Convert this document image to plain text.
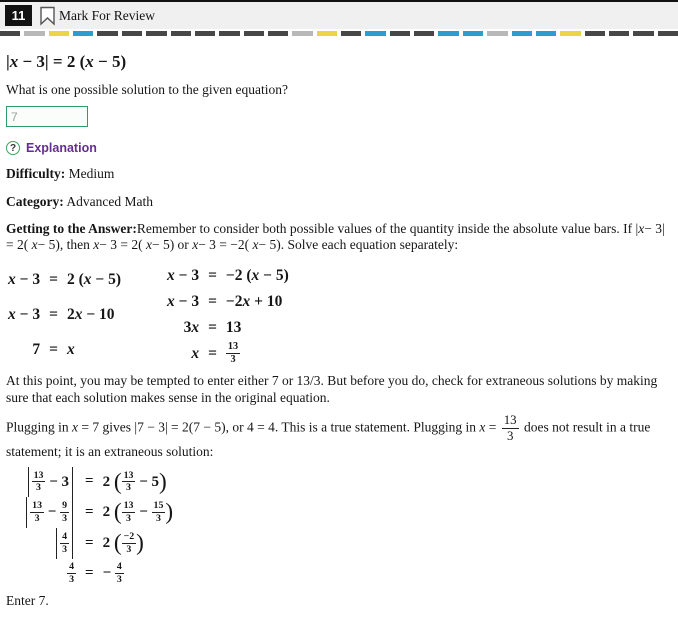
11	Mark For Review
|x − 3| = 2 (x − 5)

What is one possible solution to the given equation?

7
? Explanation

Difficulty: Medium

Category: Advanced Math

Getting to the Answer:Remember to consider both possible values of the quantity inside the absolute value bars. If |x− 3| = 2( x− 5), then x− 3 = 2( x− 5) or x− 3 = −2( x− 5). Solve each equation separately:

x − 3	=	2 (x − 5)
x − 3	=	2x − 10
7	=	x
x − 3	=	−2 (x − 5)
x − 3	=	−2x + 10
3x	=	13
x	=	$\frac{13}{3}$

At this point, you may be tempted to enter either 7 or 13/3. But before you do, check for extraneous solutions by making sure that each solution makes sense in the original equation.

Plugging in x = 7 gives |7 − 3| = 2(7 − 5), or 4 = 4. This is a true statement. Plugging in $x = \frac{13}{3}$ does not result in a true statement; it is an extraneous solution:

$\frac{13}{3} - 3$	=	2 ( $\frac{13}{3} - 5$)

$\frac{13}{3} - \frac{9}{3}$	=	2 ( $\frac{13}{3} - \frac{15}{3}$ )

$\frac{4}{3}$	=	2 ( $\frac{-2}{3}$ )

$\frac{4}{3}$	=	− $\frac{4}{3}$

Enter 7.
